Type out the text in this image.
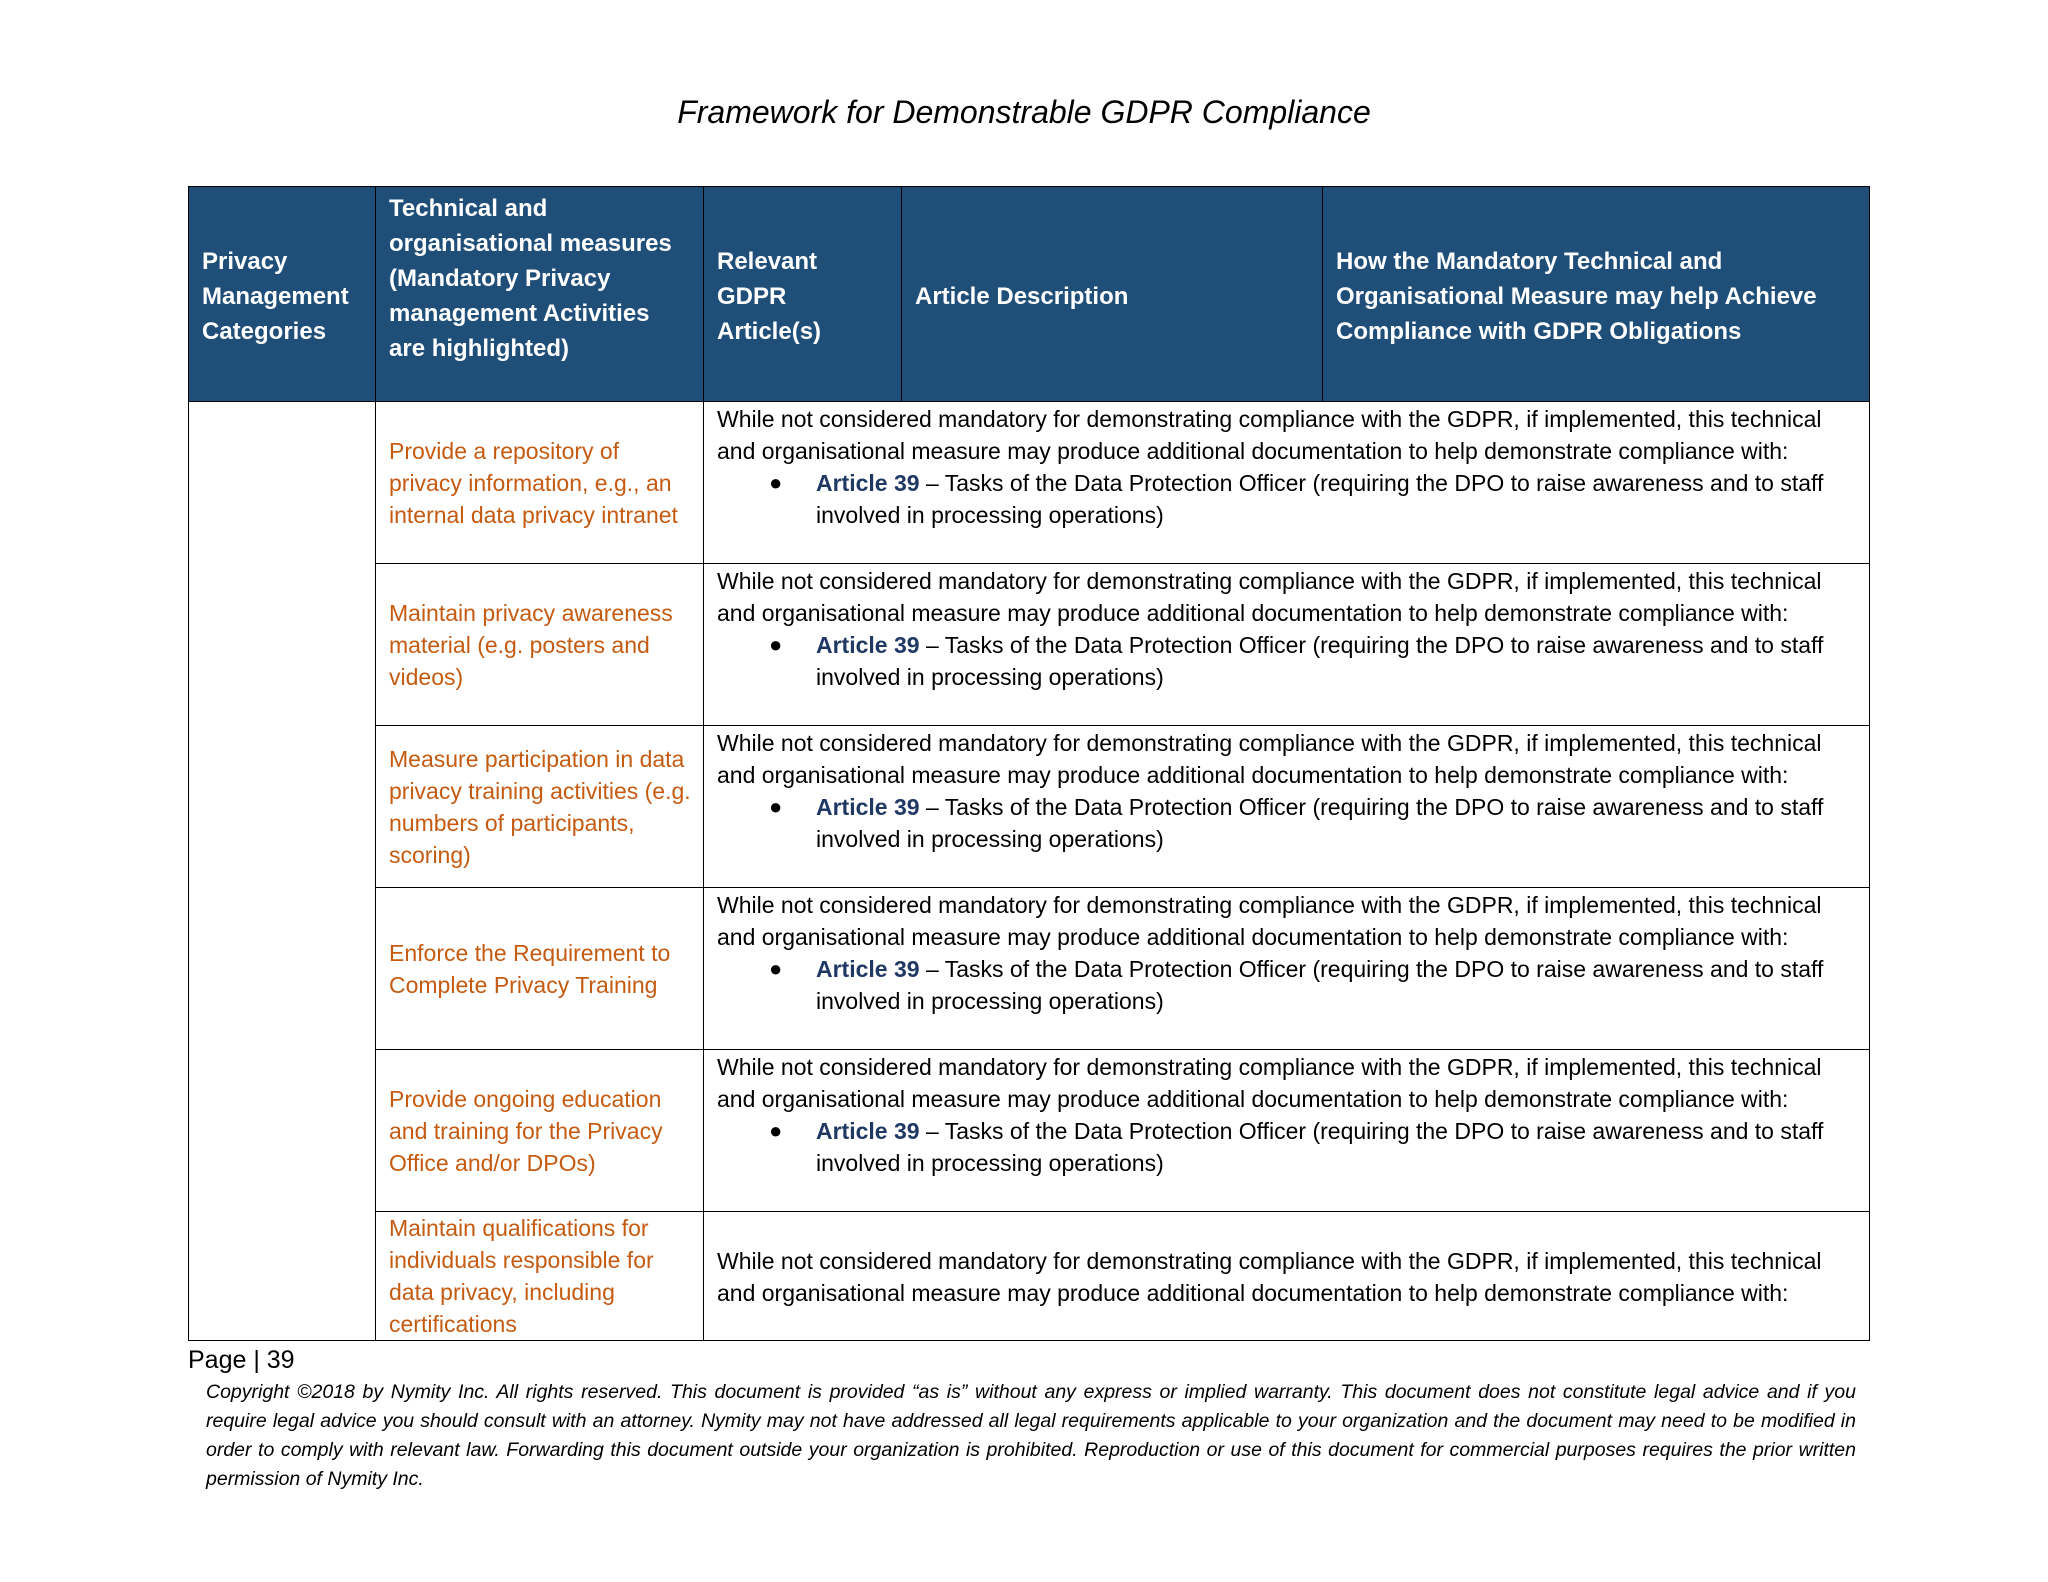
Framework for Demonstrable GDPR Compliance
Privacy Management Categories	Technical and organisational measures (Mandatory Privacy management Activities are highlighted)	Relevant GDPR Article(s)	Article Description	How the Mandatory Technical and Organisational Measure may help Achieve Compliance with GDPR Obligations
	Provide a repository of privacy information, e.g., an internal data privacy intranet	While not considered mandatory for demonstrating compliance with the GDPR, if implemented, this technical and organisational measure may produce additional documentation to help demonstrate compliance with:
● Article 39 – Tasks of the Data Protection Officer (requiring the DPO to raise awareness and to staff involved in processing operations)		

	Maintain privacy awareness material (e.g. posters and videos)	While not considered mandatory for demonstrating compliance with the GDPR, if implemented, this technical and organisational measure may produce additional documentation to help demonstrate compliance with:
● Article 39 – Tasks of the Data Protection Officer (requiring the DPO to raise awareness and to staff involved in processing operations)		

	Measure participation in data privacy training activities (e.g. numbers of participants, scoring)	While not considered mandatory for demonstrating compliance with the GDPR, if implemented, this technical and organisational measure may produce additional documentation to help demonstrate compliance with:
● Article 39 – Tasks of the Data Protection Officer (requiring the DPO to raise awareness and to staff involved in processing operations)		

	Enforce the Requirement to Complete Privacy Training	While not considered mandatory for demonstrating compliance with the GDPR, if implemented, this technical and organisational measure may produce additional documentation to help demonstrate compliance with:
● Article 39 – Tasks of the Data Protection Officer (requiring the DPO to raise awareness and to staff involved in processing operations)		

	Provide ongoing education and training for the Privacy Office and/or DPOs)	While not considered mandatory for demonstrating compliance with the GDPR, if implemented, this technical and organisational measure may produce additional documentation to help demonstrate compliance with:
● Article 39 – Tasks of the Data Protection Officer (requiring the DPO to raise awareness and to staff involved in processing operations)		

	Maintain qualifications for individuals responsible for data privacy, including certifications	While not considered mandatory for demonstrating compliance with the GDPR, if implemented, this technical and organisational measure may produce additional documentation to help demonstrate compliance with:		
Page | 39
Copyright ©2018 by Nymity Inc. All rights reserved. This document is provided “as is” without any express or implied warranty. This document does not constitute legal advice and if you require legal advice you should consult with an attorney. Nymity may not have addressed all legal requirements applicable to your organization and the document may need to be modified in order to comply with relevant law. Forwarding this document outside your organization is prohibited. Reproduction or use of this document for commercial purposes requires the prior written permission of Nymity Inc.
